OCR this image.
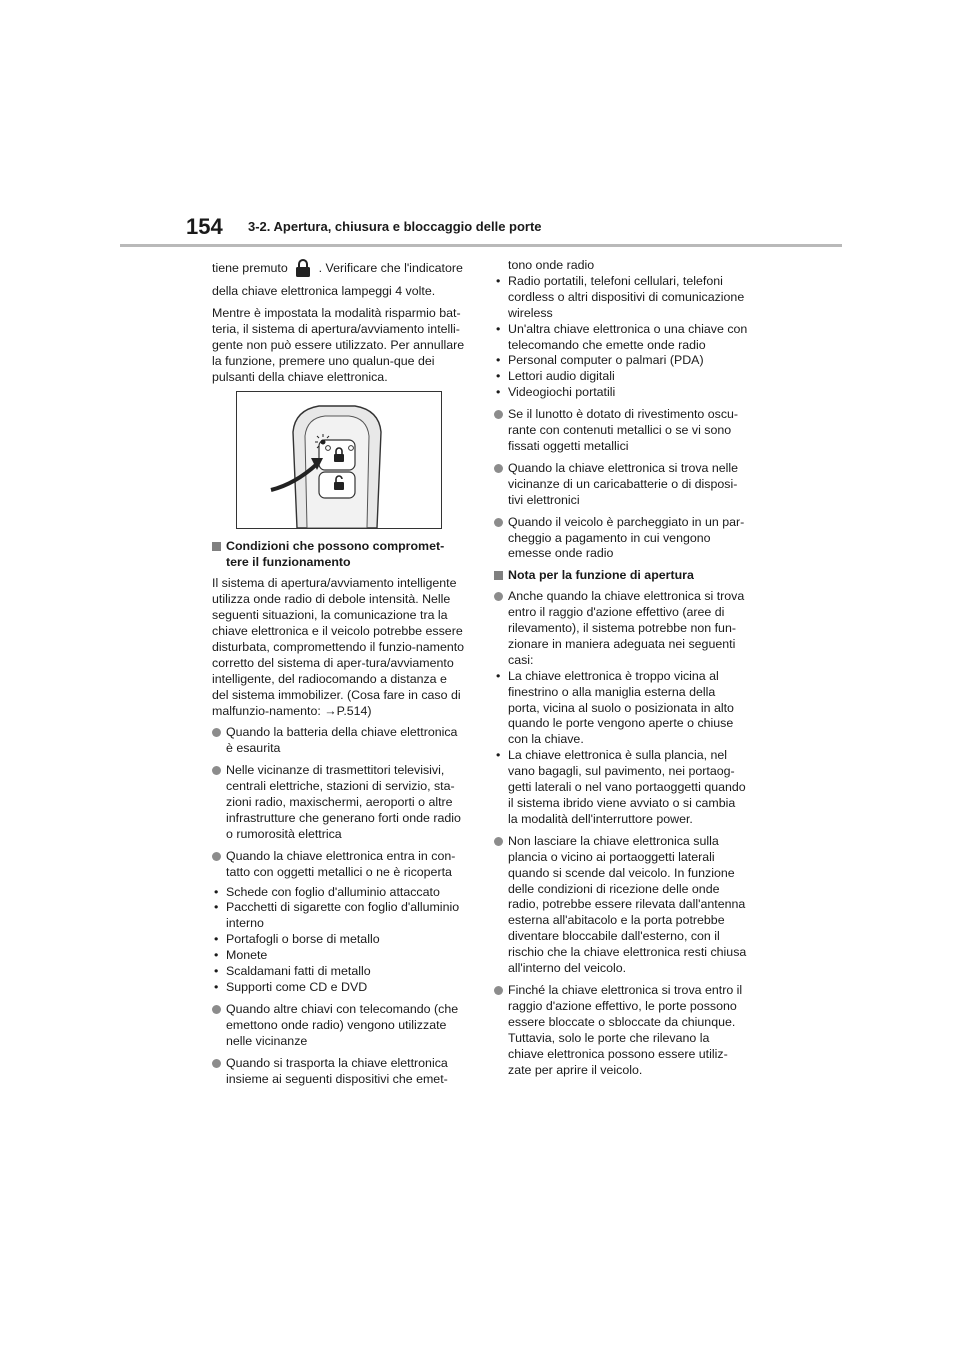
154 3-2. Apertura, chiusura e bloccaggio delle porte

tiene premuto . Verificare che l'indicatore

della chiave elettronica lampeggi 4 volte.

Mentre è impostata la modalità risparmio bat-teria, il sistema di apertura/avviamento intelli-gente non può essere utilizzato. Per annullare la funzione, premere uno qualun-que dei pulsanti della chiave elettronica.

Condizioni che possono compromet-tere il funzionamento

Il sistema di apertura/avviamento intelligente utilizza onde radio di debole intensità. Nelle seguenti situazioni, la comunicazione tra la chiave elettronica e il veicolo potrebbe essere disturbata, compromettendo il funzio-namento corretto del sistema di aper-tura/avviamento intelligente, del radiocomando a distanza e del sistema immobilizer. (Cosa fare in caso di malfunzio-namento: →P.514)

Quando la batteria della chiave elettronica è esaurita
Nelle vicinanze di trasmettitori televisivi, centrali elettriche, stazioni di servizio, sta-zioni radio, maxischermi, aeroporti o altre infrastrutture che generano forti onde radio o rumorosità elettrica
Quando la chiave elettronica entra in con-tatto con oggetti metallici o ne è ricoperta
• Schede con foglio d'alluminio attaccato
• Pacchetti di sigarette con foglio d'alluminio interno
• Portafogli o borse di metallo
• Monete
• Scaldamani fatti di metallo
• Supporti come CD e DVD
Quando altre chiavi con telecomando (che emettono onde radio) vengono utilizzate nelle vicinanze
Quando si trasporta la chiave elettronica insieme ai seguenti dispositivi che emet-

tono onde radio

• Radio portatili, telefoni cellulari, telefoni cordless o altri dispositivi di comunicazione wireless
• Un'altra chiave elettronica o una chiave con telecomando che emette onde radio
• Personal computer o palmari (PDA)
• Lettori audio digitali
• Videogiochi portatili
Se il lunotto è dotato di rivestimento oscu-rante con contenuti metallici o se vi sono fissati oggetti metallici
Quando la chiave elettronica si trova nelle vicinanze di un caricabatterie o di disposi-tivi elettronici
Quando il veicolo è parcheggiato in un par-cheggio a pagamento in cui vengono emesse onde radio
Nota per la funzione di apertura
Anche quando la chiave elettronica si trova entro il raggio d'azione effettivo (aree di rilevamento), il sistema potrebbe non fun-zionare in maniera adeguata nei seguenti casi:
• La chiave elettronica è troppo vicina al finestrino o alla maniglia esterna della porta, vicina al suolo o posizionata in alto quando le porte vengono aperte o chiuse con la chiave.
• La chiave elettronica è sulla plancia, nel vano bagagli, sul pavimento, nei portaog-getti laterali o nel vano portaoggetti quando il sistema ibrido viene avviato o si cambia la modalità dell'interruttore power.
Non lasciare la chiave elettronica sulla plancia o vicino ai portaoggetti laterali quando si scende dal veicolo. In funzione delle condizioni di ricezione delle onde radio, potrebbe essere rilevata dall'antenna esterna all'abitacolo e la porta potrebbe diventare bloccabile dall'esterno, con il rischio che la chiave elettronica resti chiusa all'interno del veicolo.
Finché la chiave elettronica si trova entro il raggio d'azione effettivo, le porte possono essere bloccate o sbloccate da chiunque. Tuttavia, solo le porte che rilevano la chiave elettronica possono essere utiliz-zate per aprire il veicolo.
